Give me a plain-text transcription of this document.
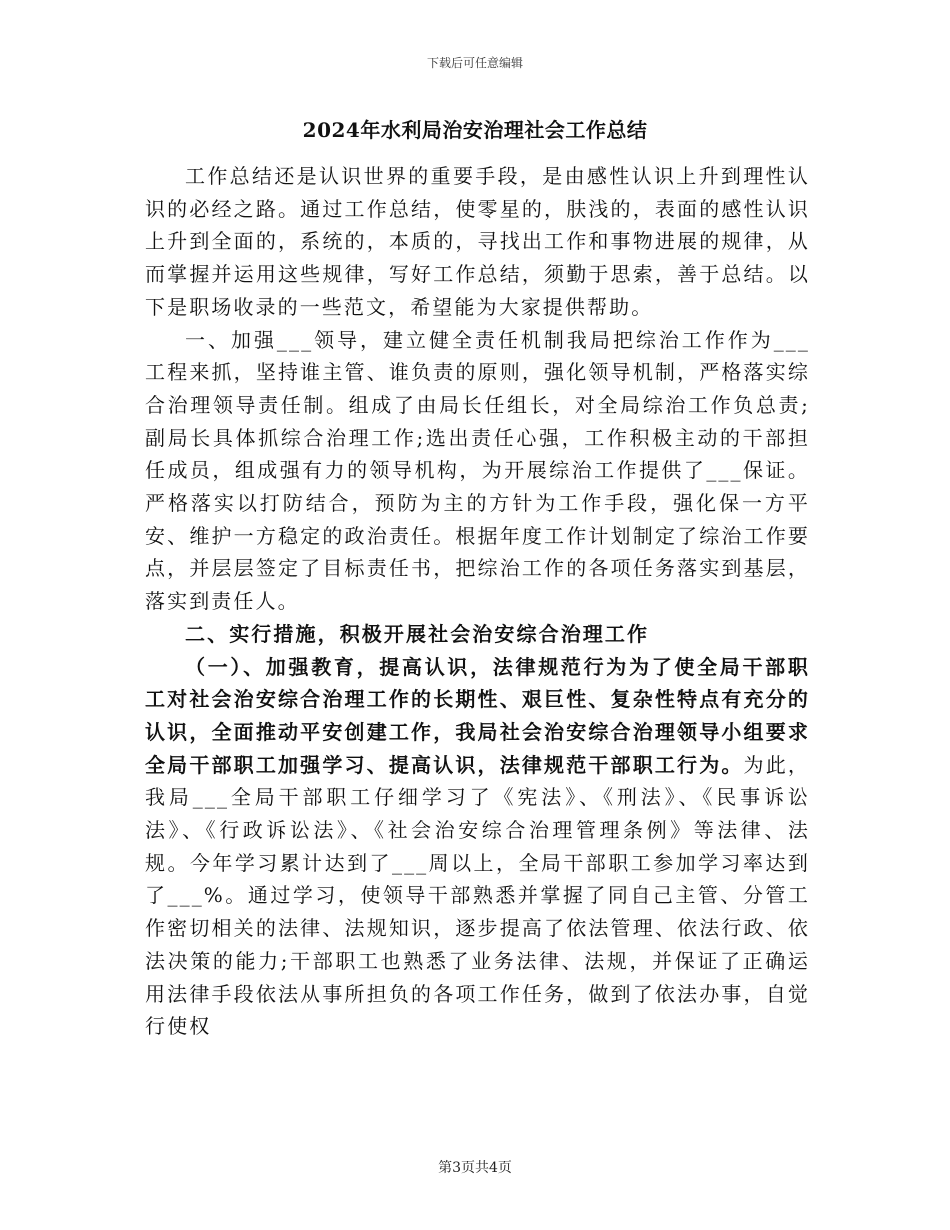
下载后可任意编辑
2024年水利局治安治理社会工作总结

工作总结还是认识世界的重要手段，是由感性认识上升到理性认识的必经之路。通过工作总结，使零星的，肤浅的，表面的感性认识上升到全面的，系统的，本质的，寻找出工作和事物进展的规律，从而掌握并运用这些规律，写好工作总结，须勤于思索，善于总结。以下是职场收录的一些范文，希望能为大家提供帮助。

一、加强___领导，建立健全责任机制我局把综治工作作为___工程来抓，坚持谁主管、谁负责的原则，强化领导机制，严格落实综合治理领导责任制。组成了由局长任组长，对全局综治工作负总责;副局长具体抓综合治理工作;选出责任心强，工作积极主动的干部担任成员，组成强有力的领导机构，为开展综治工作提供了___保证。严格落实以打防结合，预防为主的方针为工作手段，强化保一方平安、维护一方稳定的政治责任。根据年度工作计划制定了综治工作要点，并层层签定了目标责任书，把综治工作的各项任务落实到基层，落实到责任人。

二、实行措施，积极开展社会治安综合治理工作

（一）、加强教育，提高认识，法律规范行为为了使全局干部职工对社会治安综合治理工作的长期性、艰巨性、复杂性特点有充分的认识，全面推动平安创建工作，我局社会治安综合治理领导小组要求全局干部职工加强学习、提高认识，法律规范干部职工行为。为此，我局___全局干部职工仔细学习了《宪法》、《刑法》、《民事诉讼法》、《行政诉讼法》、《社会治安综合治理管理条例》等法律、法规。今年学习累计达到了___周以上，全局干部职工参加学习率达到了___%。通过学习，使领导干部熟悉并掌握了同自己主管、分管工作密切相关的法律、法规知识，逐步提高了依法管理、依法行政、依法决策的能力;干部职工也熟悉了业务法律、法规，并保证了正确运用法律手段依法从事所担负的各项工作任务，做到了依法办事，自觉行使权

第3页共4页
